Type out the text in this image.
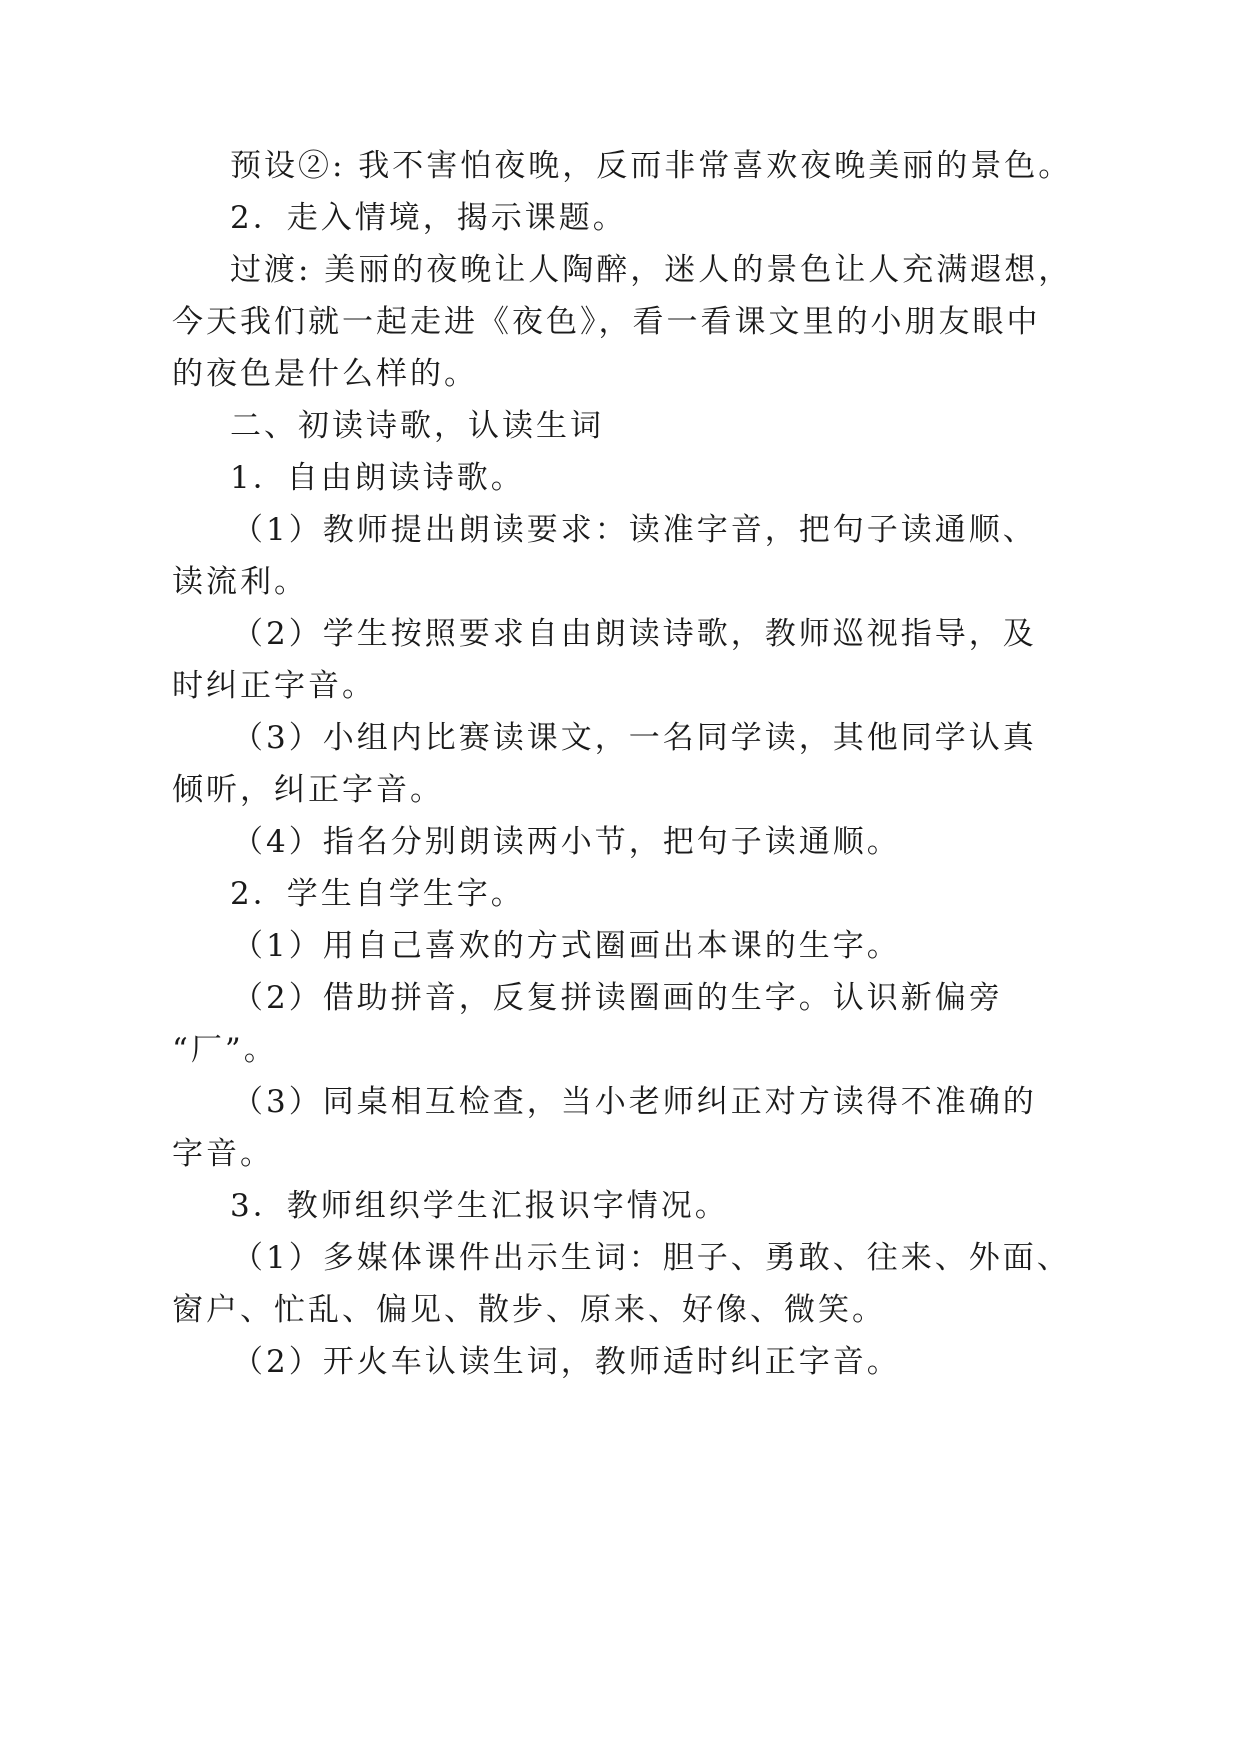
预设②: 我不害怕夜晚，反而非常喜欢夜晚美丽的景色。
2．走入情境，揭示课题。
过渡: 美丽的夜晚让人陶醉，迷人的景色让人充满遐想，
今天我们就一起走进《夜色》，看一看课文里的小朋友眼中
的夜色是什么样的。
二、初读诗歌，认读生词
1．自由朗读诗歌。
（1）教师提出朗读要求：读准字音，把句子读通顺、
读流利。
（2）学生按照要求自由朗读诗歌，教师巡视指导，及
时纠正字音。
（3）小组内比赛读课文，一名同学读，其他同学认真
倾听，纠正字音。
（4）指名分别朗读两小节，把句子读通顺。
2．学生自学生字。
（1）用自己喜欢的方式圈画出本课的生字。
（2）借助拼音，反复拼读圈画的生字。认识新偏旁
“厂”。
（3）同桌相互检查，当小老师纠正对方读得不准确的
字音。
3．教师组织学生汇报识字情况。
（1）多媒体课件出示生词：胆子、勇敢、往来、外面、
窗户、忙乱、偏见、散步、原来、好像、微笑。
（2）开火车认读生词，教师适时纠正字音。
